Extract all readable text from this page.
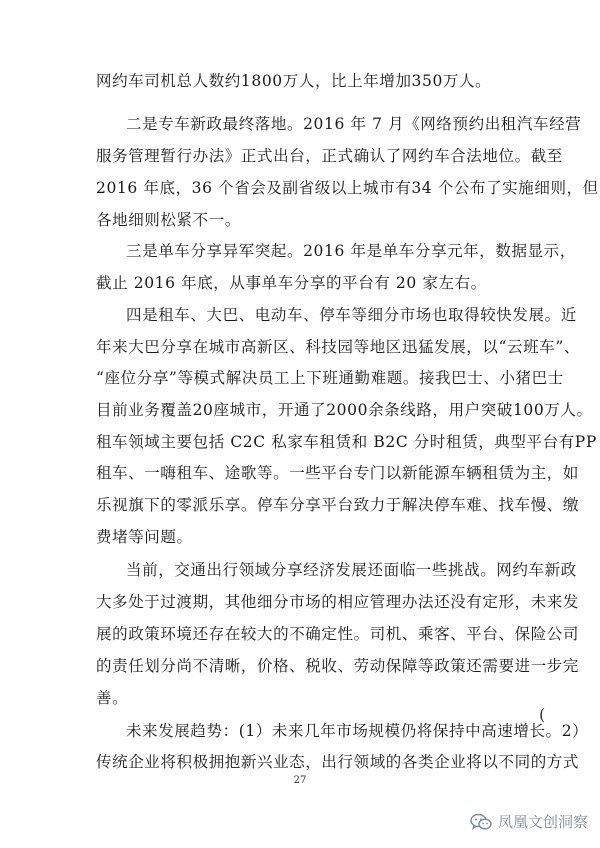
网约车司机总人数约1800万人，比上年增加350万人。
二是专车新政最终落地。2016 年 7 月《网络预约出租汽车经营
服务管理暂行办法》正式出台，正式确认了网约车合法地位。截至
2016 年底，36 个省会及副省级以上城市有34 个公布了实施细则，但
各地细则松紧不一。
三是单车分享异军突起。2016 年是单车分享元年，数据显示，
截止 2016 年底，从事单车分享的平台有 20 家左右。
四是租车、大巴、电动车、停车等细分市场也取得较快发展。近
年来大巴分享在城市高新区、科技园等地区迅猛发展，以“云班车”、
“座位分享”等模式解决员工上下班通勤难题。接我巴士、小猪巴士
目前业务覆盖20座城市，开通了2000余条线路，用户突破100万人。
租车领域主要包括 C2C 私家车租赁和 B2C 分时租赁，典型平台有PP
租车、一嗨租车、途歌等。一些平台专门以新能源车辆租赁为主，如
乐视旗下的零派乐享。停车分享平台致力于解决停车难、找车慢、缴
费堵等问题。
当前，交通出行领域分享经济发展还面临一些挑战。网约车新政
大多处于过渡期，其他细分市场的相应管理办法还没有定形，未来发
展的政策环境还存在较大的不确定性。司机、乘客、平台、保险公司
的责任划分尚不清晰，价格、税收、劳动保障等政策还需要进一步完
善。
未来发展趋势：(1）未来几年市场规模仍将保持中高速增长。2）
传统企业将积极拥抱新兴业态，出行领域的各类企业将以不同的方式
(
27
凤凰文创洞察
